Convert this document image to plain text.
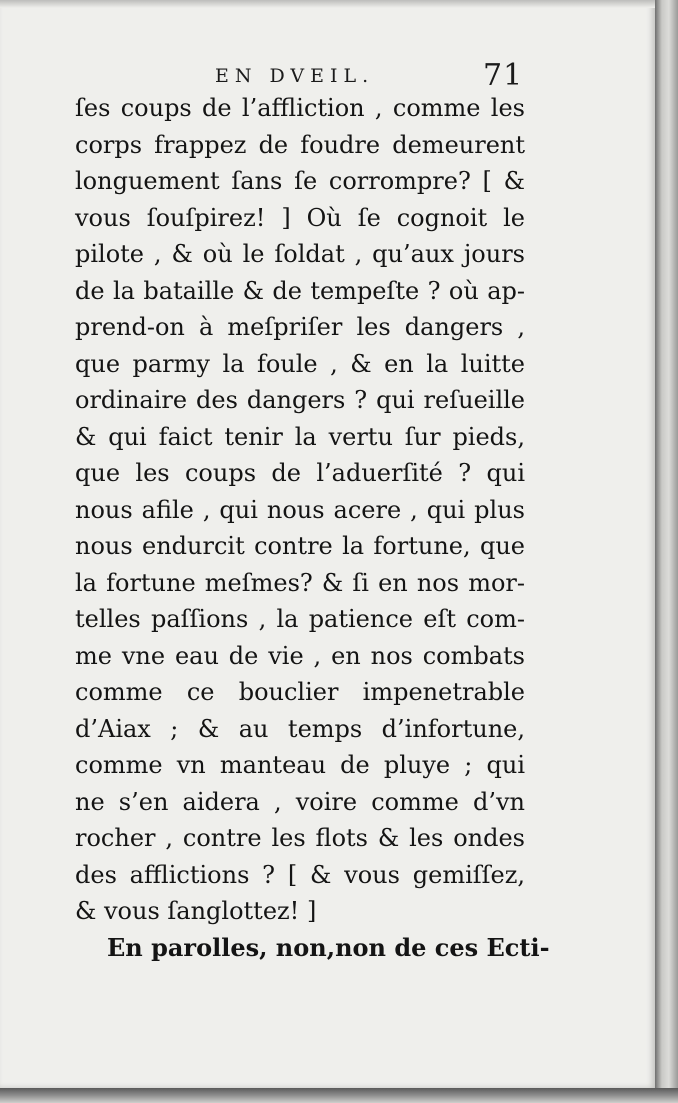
EN DVEIL.	71
ſes coups de l’affliction , comme les
corps frappez de foudre demeurent
longuement ſans ſe corrompre? [ &
vous ſouſpirez! ] Où ſe cognoit le
pilote , & où le ſoldat , qu’aux jours
de la bataille & de tempeſte ? où ap-
prend-on à meſpriſer les dangers ,
que parmy la foule , & en la luitte
ordinaire des dangers ? qui reſueille
& qui faict tenir la vertu ſur pieds,
que les coups de l’aduerſité ? qui
nous afile , qui nous acere , qui plus
nous endurcit contre la fortune, que
la fortune meſmes? & ſi en nos mor-
telles paſſions , la patience eſt com-
me vne eau de vie , en nos combats
comme ce bouclier impenetrable
d’Aiax ; & au temps d’infortune,
comme vn manteau de pluye ; qui
ne s’en aidera , voire comme d’vn
rocher , contre les flots & les ondes
des afflictions ? [ & vous gemiſſez,
& vous ſanglottez! ]
En parolles, non,non de ces Ecti-
